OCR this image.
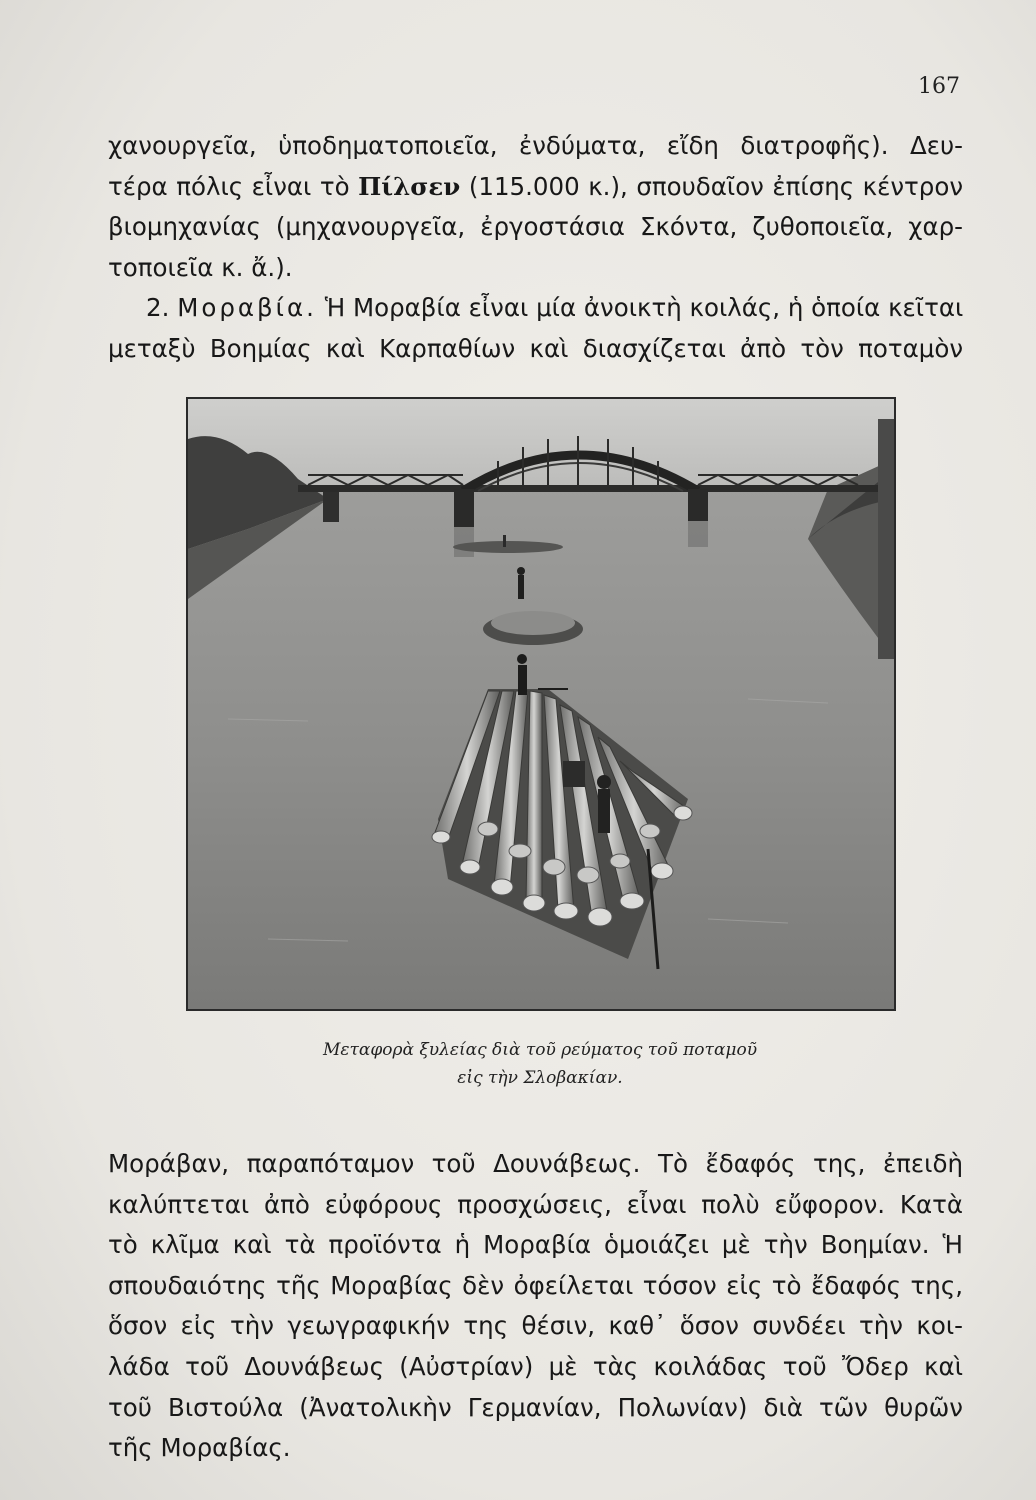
167
χανουργεῖα, ὑποδηματοποιεῖα, ἐνδύματα, εἴδη διατροφῆς). Δευ-
τέρα πόλις εἶναι τὸ Πίλσεν (115.000 κ.), σπουδαῖον ἐπίσης κέντρον
βιομηχανίας (μηχανουργεῖα, ἐργοστάσια Σκόντα, ζυθοποιεῖα, χαρ-
τοποιεῖα κ. ἄ.).
2. Μοραβία. Ἡ Μοραβία εἶναι μία ἀνοικτὴ κοιλάς, ἡ ὁποία κεῖται
μεταξὺ Βοημίας καὶ Καρπαθίων καὶ διασχίζεται ἀπὸ τὸν ποταμὸν
Μεταφορὰ ξυλείας διὰ τοῦ ρεύματος τοῦ ποταμοῦ
εἰς τὴν Σλοβακίαν.
Μοράβαν, παραπόταμον τοῦ Δουνάβεως. Τὸ ἔδαφός της, ἐπειδὴ
καλύπτεται ἀπὸ εὐφόρους προσχώσεις, εἶναι πολὺ εὔφορον. Κατὰ
τὸ κλῖμα καὶ τὰ προϊόντα ἡ Μοραβία ὁμοιάζει μὲ τὴν Βοημίαν. Ἡ
σπουδαιότης τῆς Μοραβίας δὲν ὀφείλεται τόσον εἰς τὸ ἔδαφός της,
ὅσον εἰς τὴν γεωγραφικήν της θέσιν, καθ᾽ ὅσον συνδέει τὴν κοι-
λάδα τοῦ Δουνάβεως (Αὐστρίαν) μὲ τὰς κοιλάδας τοῦ Ὄδερ καὶ
τοῦ Βιστούλα (Ἀνατολικὴν Γερμανίαν, Πολωνίαν) διὰ τῶν θυρῶν
τῆς Μοραβίας.
